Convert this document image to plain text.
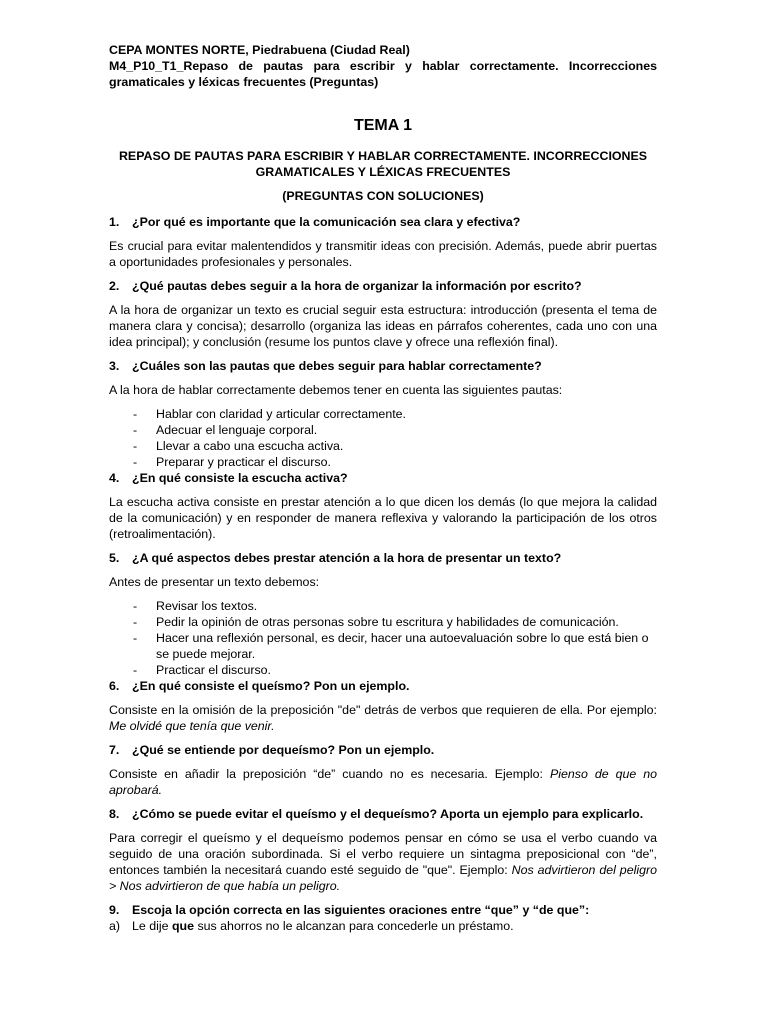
CEPA MONTES NORTE, Piedrabuena (Ciudad Real)

M4_P10_T1_Repaso de pautas para escribir y hablar correctamente. Incorrecciones gramaticales y léxicas frecuentes (Preguntas)

TEMA 1

REPASO DE PAUTAS PARA ESCRIBIR Y HABLAR CORRECTAMENTE. INCORRECCIONES GRAMATICALES Y LÉXICAS FRECUENTES

(PREGUNTAS CON SOLUCIONES)

1.	¿Por qué es importante que la comunicación sea clara y efectiva?

Es crucial para evitar malentendidos y transmitir ideas con precisión. Además, puede abrir puertas a oportunidades profesionales y personales.

2.	¿Qué pautas debes seguir a la hora de organizar la información por escrito?

A la hora de organizar un texto es crucial seguir esta estructura: introducción (presenta el tema de manera clara y concisa); desarrollo (organiza las ideas en párrafos coherentes, cada uno con una idea principal); y conclusión (resume los puntos clave y ofrece una reflexión final).

3.	¿Cuáles son las pautas que debes seguir para hablar correctamente?

A la hora de hablar correctamente debemos tener en cuenta las siguientes pautas:

-	Hablar con claridad y articular correctamente.
-	Adecuar el lenguaje corporal.
-	Llevar a cabo una escucha activa.
-	Preparar y practicar el discurso.
4.	¿En qué consiste la escucha activa?

La escucha activa consiste en prestar atención a lo que dicen los demás (lo que mejora la calidad de la comunicación) y en responder de manera reflexiva y valorando la participación de los otros (retroalimentación).

5.	¿A qué aspectos debes prestar atención a la hora de presentar un texto?

Antes de presentar un texto debemos:

-	Revisar los textos.
-	Pedir la opinión de otras personas sobre tu escritura y habilidades de comunicación.
-	Hacer una reflexión personal, es decir, hacer una autoevaluación sobre lo que está bien o se puede mejorar.
-	Practicar el discurso.
6.	¿En qué consiste el queísmo? Pon un ejemplo.

Consiste en la omisión de la preposición "de" detrás de verbos que requieren de ella. Por ejemplo: Me olvidé que tenía que venir.

7.	¿Qué se entiende por dequeísmo? Pon un ejemplo.

Consiste en añadir la preposición “de” cuando no es necesaria. Ejemplo: Pienso de que no aprobará.

8.	¿Cómo se puede evitar el queísmo y el dequeísmo? Aporta un ejemplo para explicarlo.

Para corregir el queísmo y el dequeísmo podemos pensar en cómo se usa el verbo cuando va seguido de una oración subordinada. Si el verbo requiere un sintagma preposicional con “de”, entonces también la necesitará cuando esté seguido de "que". Ejemplo: Nos advirtieron del peligro > Nos advirtieron de que había un peligro.

9.	Escoja la opción correcta en las siguientes oraciones entre “que” y “de que”:
a) Le dije que sus ahorros no le alcanzan para concederle un préstamo.
